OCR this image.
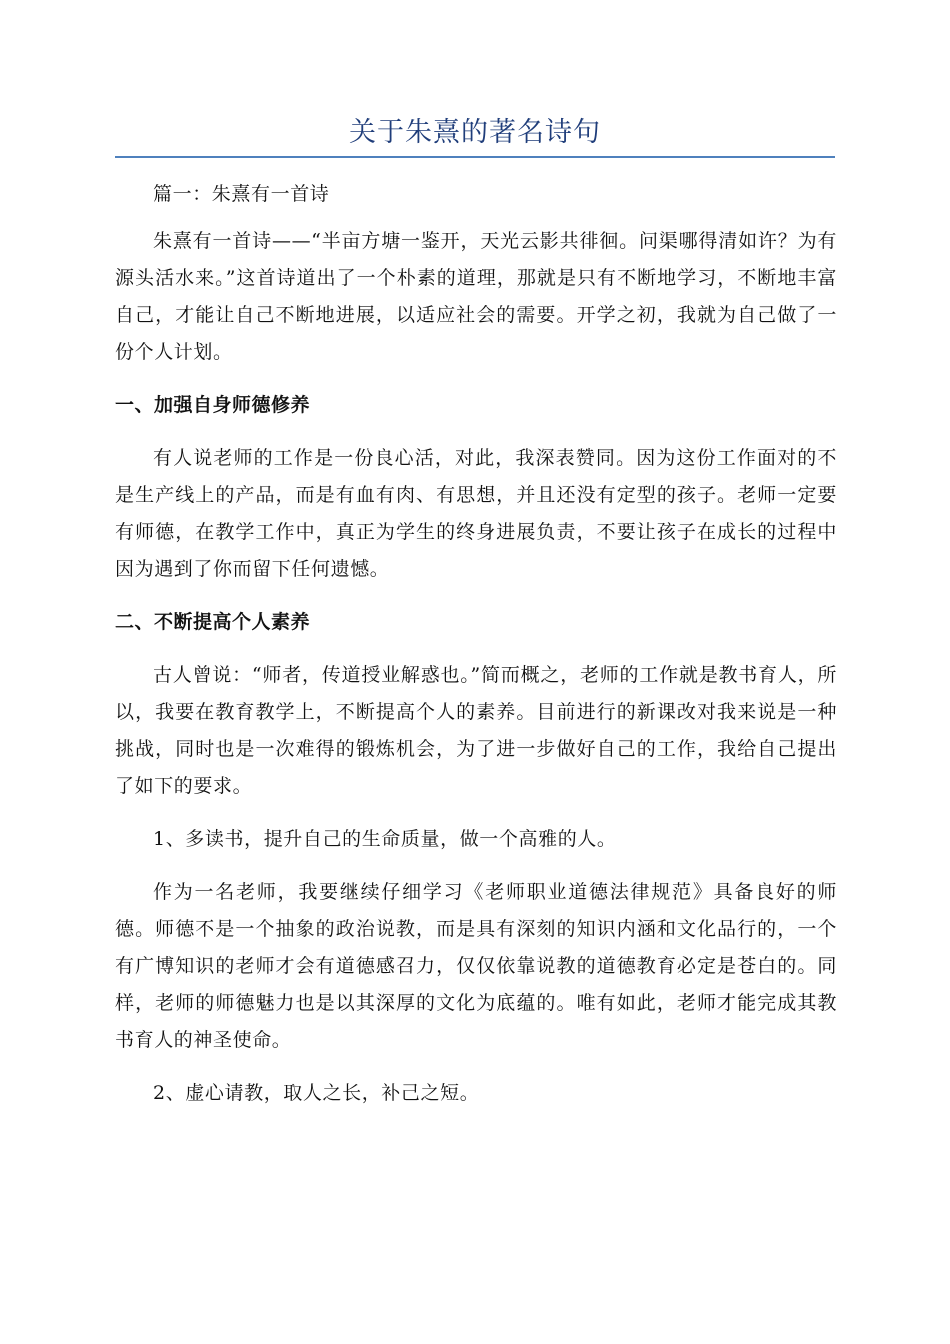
关于朱熹的著名诗句

篇一：朱熹有一首诗

朱熹有一首诗——“半亩方塘一鉴开，天光云影共徘徊。问渠哪得清如许？为有源头活水来。”这首诗道出了一个朴素的道理，那就是只有不断地学习，不断地丰富自己，才能让自己不断地进展，以适应社会的需要。开学之初，我就为自己做了一份个人计划。

一、加强自身师德修养

有人说老师的工作是一份良心活，对此，我深表赞同。因为这份工作面对的不是生产线上的产品，而是有血有肉、有思想，并且还没有定型的孩子。老师一定要有师德，在教学工作中，真正为学生的终身进展负责，不要让孩子在成长的过程中因为遇到了你而留下任何遗憾。

二、不断提高个人素养

古人曾说：“师者，传道授业解惑也。”简而概之，老师的工作就是教书育人，所以，我要在教育教学上，不断提高个人的素养。目前进行的新课改对我来说是一种挑战，同时也是一次难得的锻炼机会，为了进一步做好自己的工作，我给自己提出了如下的要求。

1、多读书，提升自己的生命质量，做一个高雅的人。

作为一名老师，我要继续仔细学习《老师职业道德法律规范》具备良好的师德。师德不是一个抽象的政治说教，而是具有深刻的知识内涵和文化品行的，一个有广博知识的老师才会有道德感召力，仅仅依靠说教的道德教育必定是苍白的。同样，老师的师德魅力也是以其深厚的文化为底蕴的。唯有如此，老师才能完成其教书育人的神圣使命。

2、虚心请教，取人之长，补己之短。
